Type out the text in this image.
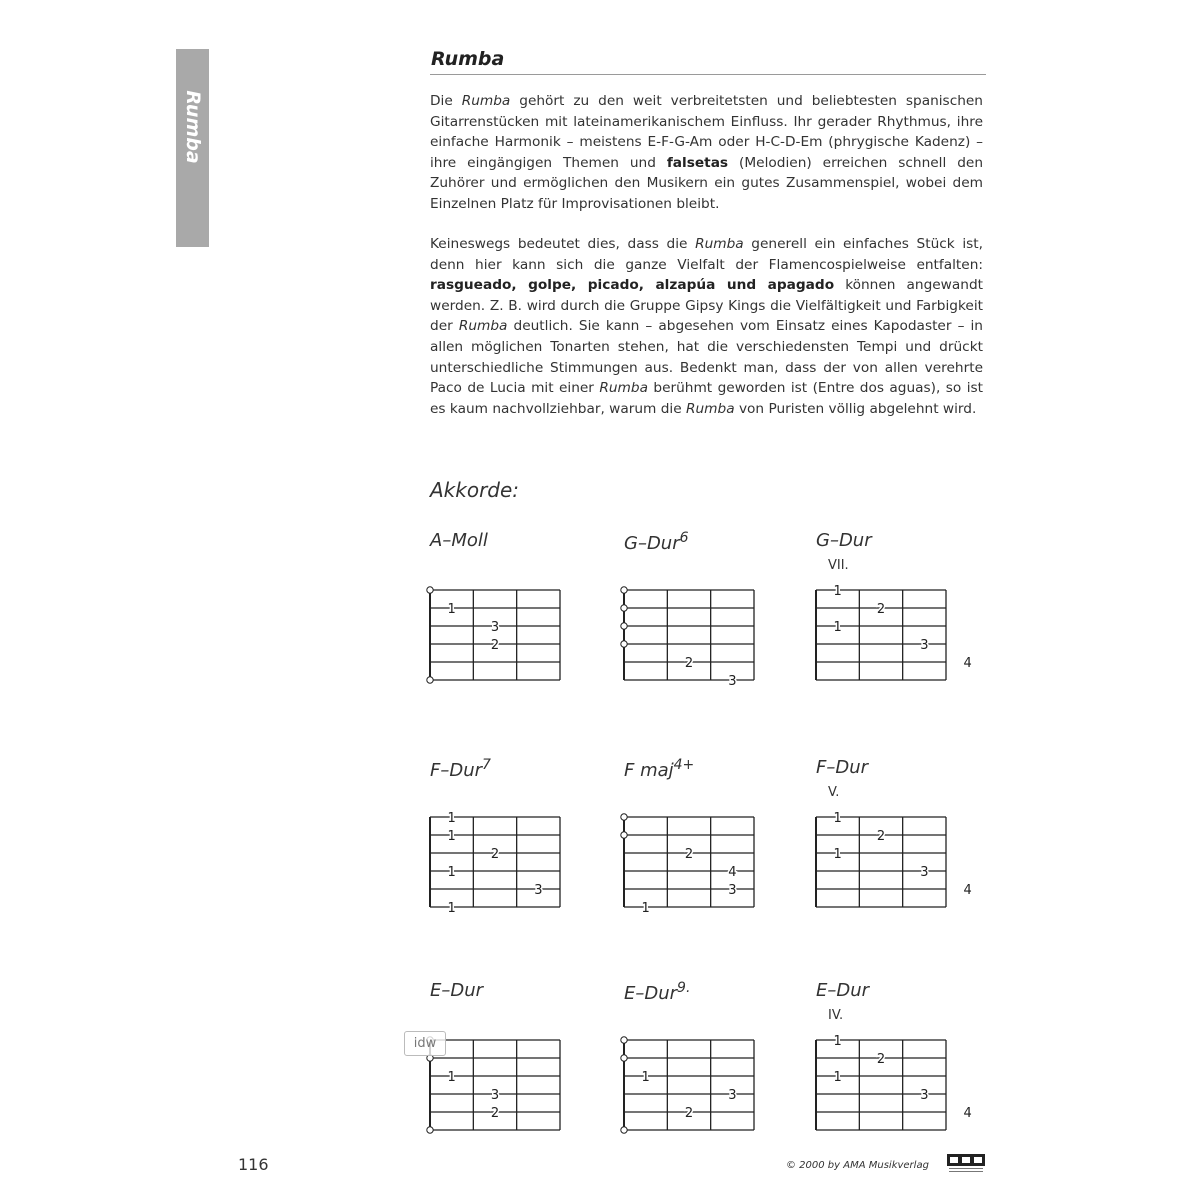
Rumba
Rumba
Die Rumba gehört zu den weit verbreitetsten und beliebtesten spanischen Gitarrenstücken mit lateinamerikanischem Einfluss. Ihr gerader Rhythmus, ihre einfache Harmonik – meistens E-F-G-Am oder H-C-D-Em (phrygische Kadenz) – ihre eingängigen Themen und falsetas (Melodien) erreichen schnell den Zuhörer und ermöglichen den Musikern ein gutes Zusammenspiel, wobei dem Einzelnen Platz für Improvisationen bleibt.
Keineswegs bedeutet dies, dass die Rumba generell ein einfaches Stück ist, denn hier kann sich die ganze Vielfalt der Flamencospielweise entfalten: rasgueado, golpe, picado, alzapúa und apagado können angewandt werden. Z. B. wird durch die Gruppe Gipsy Kings die Vielfältigkeit und Farbigkeit der Rumba deutlich. Sie kann – abgesehen vom Einsatz eines Kapodaster – in allen möglichen Tonarten stehen, hat die verschiedensten Tempi und drückt unterschiedliche Stimmungen aus. Bedenkt man, dass der von allen verehrte Paco de Lucia mit einer Rumba berühmt geworden ist (Entre dos aguas), so ist es kaum nachvollziehbar, warum die Rumba von Puristen völlig abgelehnt wird.
Akkorde:
A–Moll
1
3
2
G–Dur$^6$
2
3
G–Dur
VII.
1
2
1
3
4
F–Dur$^7$
1
1
2
1
3
1
F maj$^{4+}$
2
4
3
1
F–Dur
V.
1
2
1
3
4
E–Dur
1
3
2
E–Dur$^{9.}$
1
3
2
E–Dur
IV.
1
2
1
3
4
idw
116	© 2000 by AMA Musikverlag
